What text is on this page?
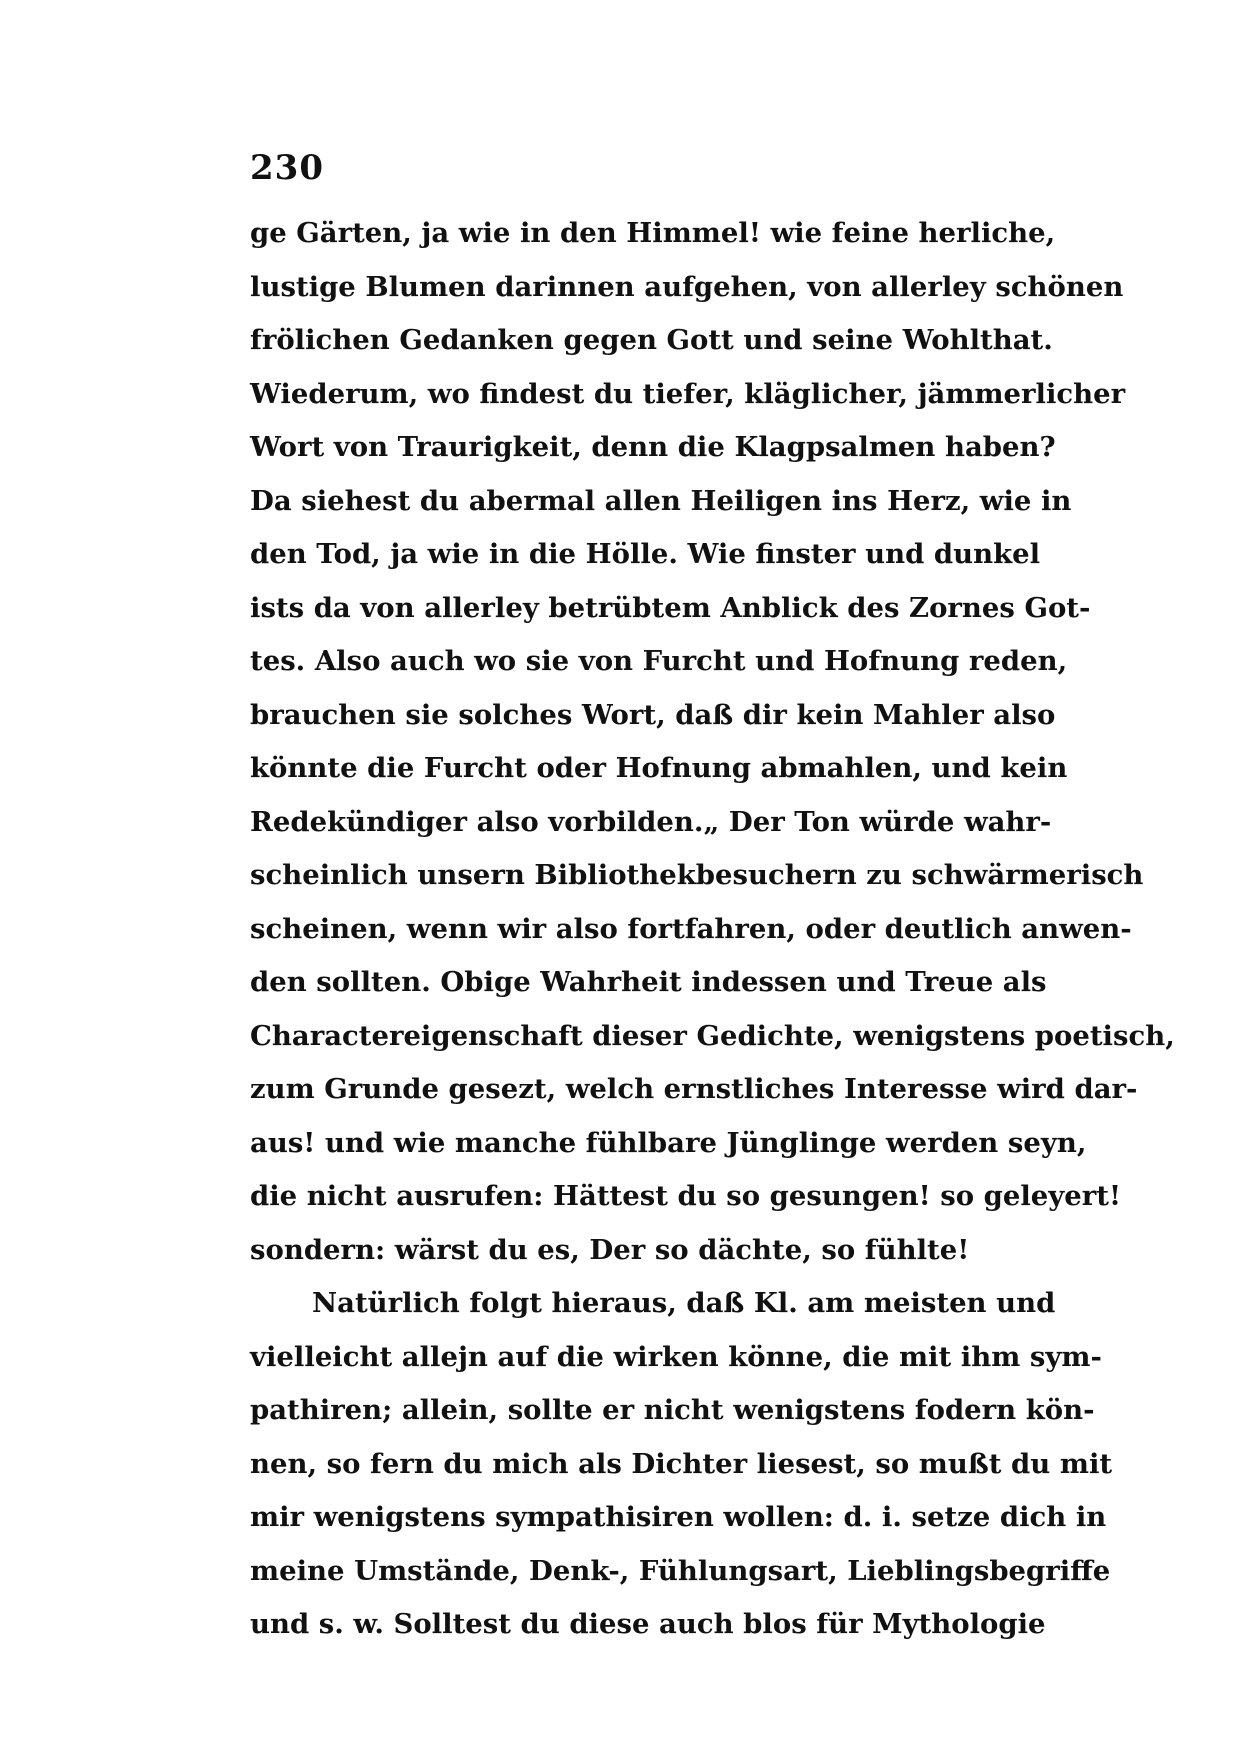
230
ge Gärten, ja wie in den Himmel! wie feine herliche,
lustige Blumen darinnen aufgehen, von allerley schönen
frölichen Gedanken gegen Gott und seine Wohlthat.
Wiederum, wo findest du tiefer, kläglicher, jämmerlicher
Wort von Traurigkeit, denn die Klagpsalmen haben?
Da siehest du abermal allen Heiligen ins Herz, wie in
den Tod, ja wie in die Hölle. Wie finster und dunkel
ists da von allerley betrübtem Anblick des Zornes Got-
tes. Also auch wo sie von Furcht und Hofnung reden,
brauchen sie solches Wort, daß dir kein Mahler also
könnte die Furcht oder Hofnung abmahlen, und kein
Redekündiger also vorbilden.„ Der Ton würde wahr-
scheinlich unsern Bibliothekbesuchern zu schwärmerisch
scheinen, wenn wir also fortfahren, oder deutlich anwen-
den sollten. Obige Wahrheit indessen und Treue als
Charactereigenschaft dieser Gedichte, wenigstens poetisch,
zum Grunde gesezt, welch ernstliches Interesse wird dar-
aus! und wie manche fühlbare Jünglinge werden seyn,
die nicht ausrufen: Hättest du so gesungen! so geleyert!
sondern: wärst du es, Der so dächte, so fühlte!
Natürlich folgt hieraus, daß Kl. am meisten und
vielleicht allejn auf die wirken könne, die mit ihm sym-
pathiren; allein, sollte er nicht wenigstens fodern kön-
nen, so fern du mich als Dichter liesest, so mußt du mit
mir wenigstens sympathisiren wollen: d. i. setze dich in
meine Umstände, Denk-, Fühlungsart, Lieblingsbegriffe
und s. w. Solltest du diese auch blos für Mythologie
